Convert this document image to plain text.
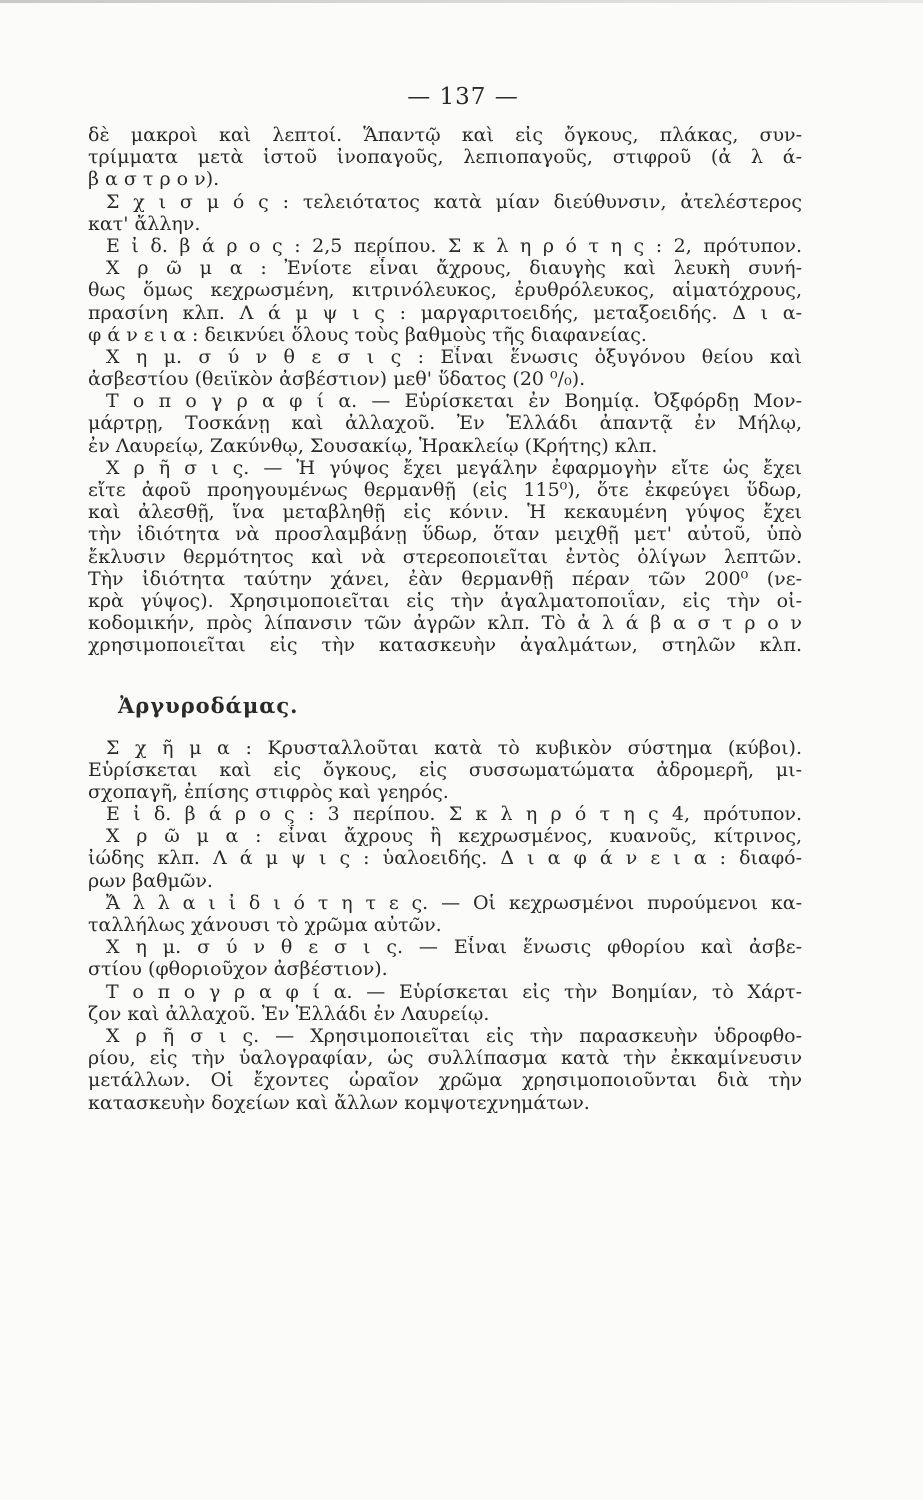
— 137 —
δὲ μακροὶ καὶ λεπτοί. Ἅπαντῷ καὶ εἰς ὄγκους, πλάκας, συν-
τρίμματα μετὰ ἱστοῦ ἰνοπαγοῦς, λεπιοπαγοῦς, στιφροῦ (ἀ λ ά-
β α σ τ ρ ο ν).
Σ χ ι σ μ ό ς : τελειότατος κατὰ μίαν διεύθυνσιν, ἀτελέστερος
κατ' ἄλλην.
Ε ἰ δ. β ά ρ ο ς : 2,5 περίπου. Σ κ λ η ρ ό τ η ς : 2, πρότυπον.
Χ ρ ῶ μ α : Ἐνίοτε εἶναι ἄχρους, διαυγὴς καὶ λευκὴ συνή-
θως ὅμως κεχρωσμένη, κιτρινόλευκος, ἐρυθρόλευκος, αἱματόχρους,
πρασίνη κλπ. Λ ά μ ψ ι ς : μαργαριτοειδής, μεταξοειδής. Δ ι α-
φ ά ν ε ι α : δεικνύει ὅλους τοὺς βαθμοὺς τῆς διαφανείας.
Χ η μ. σ ύ ν θ ε σ ι ς : Εἶναι ἕνωσις ὀξυγόνου θείου καὶ
ἀσβεστίου (θειϊκὸν ἀσβέστιον) μεθ' ὕδατος (20 ⁰/₀).
Τ ο π ο γ ρ α φ ί α. — Εὑρίσκεται ἐν Βοημίᾳ. Ὀξφόρδῃ Μον-
μάρτρῃ, Τοσκάνῃ καὶ ἀλλαχοῦ. Ἐν Ἑλλάδι ἀπαντᾷ ἐν Μήλῳ,
ἐν Λαυρείῳ, Ζακύνθῳ, Σουσακίῳ, Ἡρακλείῳ (Κρήτης) κλπ.
Χ ρ ῆ σ ι ς. — Ἡ γύψος ἔχει μεγάλην ἐφαρμογὴν εἴτε ὡς ἔχει
εἴτε ἀφοῦ προηγουμένως θερμανθῇ (εἰς 115⁰), ὅτε ἐκφεύγει ὕδωρ,
καὶ ἀλεσθῇ, ἵνα μεταβληθῇ εἰς κόνιν. Ἡ κεκαυμένη γύψος ἔχει
τὴν ἰδιότητα νὰ προσλαμβάνῃ ὕδωρ, ὅταν μειχθῇ μετ' αὐτοῦ, ὑπὸ
ἔκλυσιν θερμότητος καὶ νὰ στερεοποιεῖται ἐντὸς ὀλίγων λεπτῶν.
Τὴν ἰδιότητα ταύτην χάνει, ἐὰν θερμανθῇ πέραν τῶν 200⁰ (νε-
κρὰ γύψος). Χρησιμοποιεῖται εἰς τὴν ἀγαλματοποιΐαν, εἰς τὴν οἰ-
κοδομικήν, πρὸς λίπανσιν τῶν ἀγρῶν κλπ. Τὸ ἀ λ ά β α σ τ ρ ο ν
χρησιμοποιεῖται εἰς τὴν κατασκευὴν ἀγαλμάτων, στηλῶν κλπ.
Ἀργυροδάμας.
Σ χ ῆ μ α : Κρυσταλλοῦται κατὰ τὸ κυβικὸν σύστημα (κύβοι).
Εὑρίσκεται καὶ εἰς ὄγκους, εἰς συσσωματώματα ἀδρομερῆ, μι-
σχοπαγῆ, ἐπίσης στιφρὸς καὶ γεηρός.
Ε ἰ δ. β ά ρ ο ς : 3 περίπου. Σ κ λ η ρ ό τ η ς 4, πρότυπον.
Χ ρ ῶ μ α : εἶναι ἄχρους ἢ κεχρωσμένος, κυανοῦς, κίτρινος,
ἰώδης κλπ. Λ ά μ ψ ι ς : ὑαλοειδής. Δ ι α φ ά ν ε ι α : διαφό-
ρων βαθμῶν.
Ἄ λ λ α ι ἰ δ ι ό τ η τ ε ς. — Οἱ κεχρωσμένοι πυρούμενοι κα-
ταλλήλως χάνουσι τὸ χρῶμα αὐτῶν.
Χ η μ. σ ύ ν θ ε σ ι ς. — Εἶναι ἕνωσις φθορίου καὶ ἀσβε-
στίου (φθοριοῦχον ἀσβέστιον).
Τ ο π ο γ ρ α φ ί α. — Εὑρίσκεται εἰς τὴν Βοημίαν, τὸ Χάρτ-
ζον καὶ ἀλλαχοῦ. Ἐν Ἑλλάδι ἐν Λαυρείῳ.
Χ ρ ῆ σ ι ς. — Χρησιμοποιεῖται εἰς τὴν παρασκευὴν ὑδροφθο-
ρίου, εἰς τὴν ὑαλογραφίαν, ὡς συλλίπασμα κατὰ τὴν ἐκκαμίνευσιν
μετάλλων. Οἱ ἔχοντες ὡραῖον χρῶμα χρησιμοποιοῦνται διὰ τὴν
κατασκευὴν δοχείων καὶ ἄλλων κομψοτεχνημάτων.
